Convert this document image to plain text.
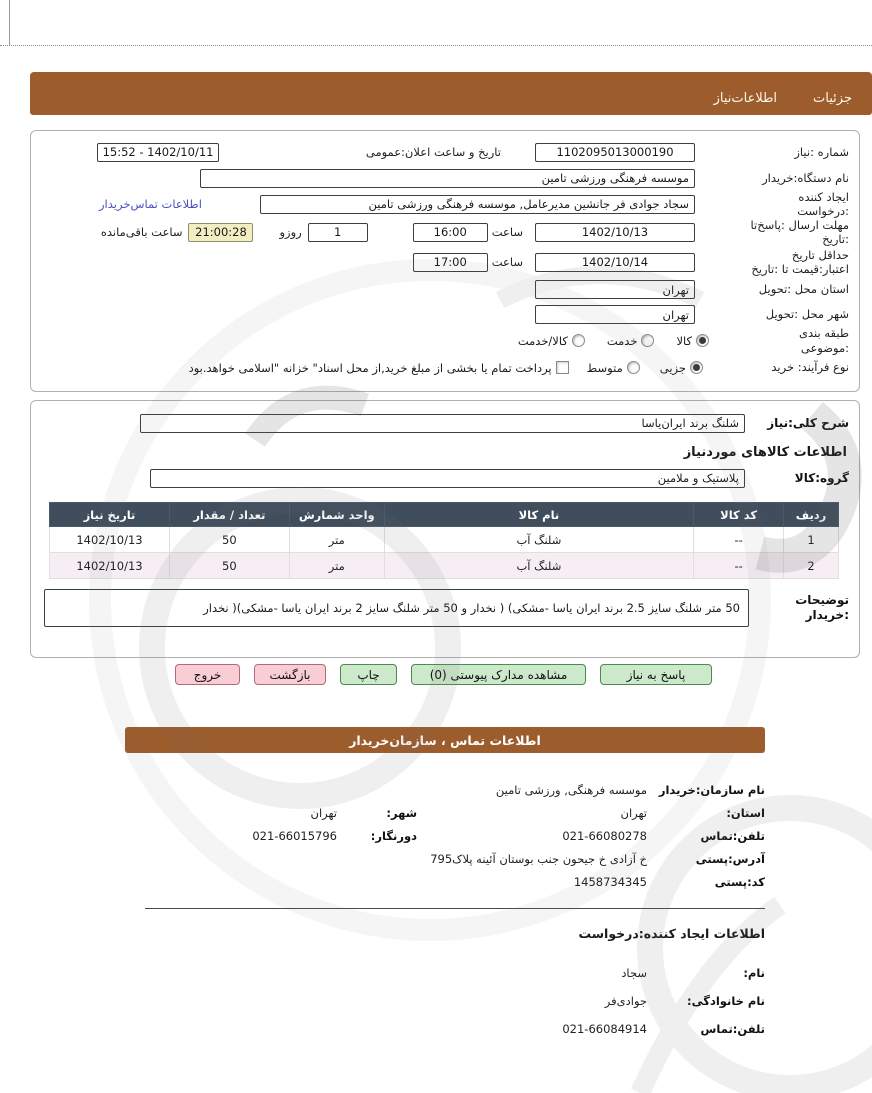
جزئیات
اطلاعات‌نیاز
شماره :نیاز
1102095013000190
تاریخ و ساعت اعلان:عمومی
15:52 - 1402/10/11
نام دستگاه:خریدار
موسسه فرهنگی ورزشی تامین
ایجاد کننده :درخواست
سجاد جوادی فر جانشین مدیرعامل, موسسه فرهنگی ورزشی تامین
اطلاعات تماس‌خریدار
مهلت ارسال :پاسخ‌تا :تاریخ
1402/10/13
ساعت
16:00
1
روزو
21:00:28
ساعت باقی‌مانده
حداقل تاریخ اعتبار:قیمت تا :تاریخ
1402/10/14
ساعت
17:00
استان محل :تحویل
تهران
شهر محل :تحویل
تهران
طبقه بندی :موضوعی
کالا
خدمت
کالا/خدمت
نوع فرآیند: خرید
جزیی
متوسط
پرداخت تمام یا بخشی از مبلغ خرید,از محل اسناد" خزانه "اسلامی خواهد.بود
شرح کلی:نیاز
شلنگ برند ایران‌یاسا
اطلاعات کالاهای موردنیاز
گروه:کالا
پلاستیک و ملامین
ردیف	کد کالا	نام کالا	واحد شمارش	تعداد / مقدار	تاریخ نیاز
1	--	شلنگ آب	متر	50	1402/10/13
2	--	شلنگ آب	متر	50	1402/10/13
توضیحات :خریدار
50 متر شلنگ سایز 2.5 برند ایران یاسا -مشکی) ( نخدار و 50 متر شلنگ سایز 2 برند ایران یاسا -مشکی)( نخدار
پاسخ به نیاز
مشاهده مدارک پیوستی (0)
چاپ
بازگشت
خروج
اطلاعات تماس ، سازمان‌خریدار
نام سازمان:خریدار
موسسه فرهنگی, ورزشی تامین
استان:
تهران
شهر:
تهران
تلفن:تماس
021-66080278
دورنگار:
021-66015796
آدرس:پستی
خ آزادی خ جیحون جنب بوستان آئینه پلاک795
کد:پستی
1458734345
اطلاعات ایجاد کننده:درخواست
نام:
سجاد
نام خانوادگی:
جوادی‌فر
تلفن:تماس
021-66084914
